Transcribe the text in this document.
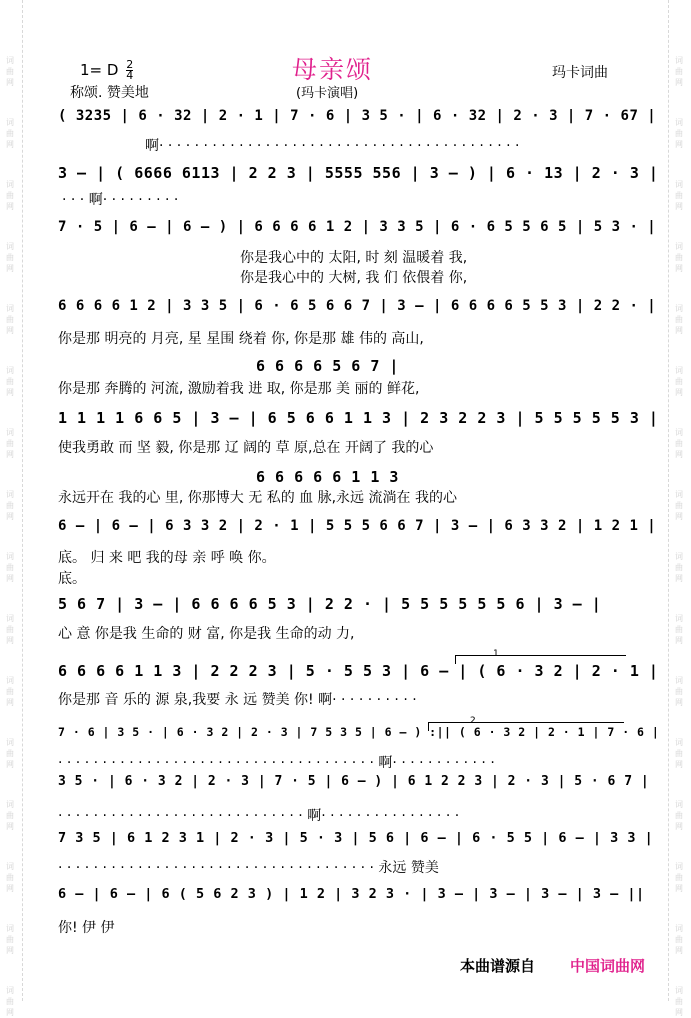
词曲网
词曲网
词曲网
词曲网
词曲网
词曲网
词曲网
词曲网
词曲网
词曲网
词曲网
词曲网
词曲网
词曲网
词曲网
词曲网
词曲网
词曲网
词曲网
词曲网
词曲网
词曲网
词曲网
词曲网
词曲网
词曲网
词曲网
词曲网
词曲网
词曲网
词曲网
词曲网
1= D $\frac{2}{4}$
称颂. 赞美地
母亲颂
(玛卡演唱)
玛卡词曲
( 3235 | 6 · 32 | 2 · 1 | 7 · 6 | 3 5 · | 6 · 32 | 2 · 3 | 7 · 67 |
啊· · · · · · · · · · · · · · · · · · · · · · · · · · · · · · · · · · · · · · · · ·
3 – | ( 6666 6113 | 2 2 3 | 5555 556 | 3 – ) | 6 · 13 | 2 · 3 |
· · · 啊· · · · · · · · ·
7 · 5 | 6 – | 6 – ) | 6 6 6 6 1 2 | 3 3 5 | 6 · 6 5 5 6 5 | 5 3 · |
你是我心中的 太阳, 时 刻 温暖着 我,
你是我心中的 大树, 我 们 依偎着 你,
6 6 6 6 1 2 | 3 3 5 | 6 · 6 5 6 6 7 | 3 – | 6 6 6 6 5 5 3 | 2 2 · |
你是那 明亮的 月亮, 星 星围 绕着 你, 你是那 雄 伟的 高山,
6 6 6 6 5 6 7 |
你是那 奔腾的 河流, 激励着我 进 取, 你是那 美 丽的 鲜花,
1 1 1 1 6 6 5 | 3 – | 6 5 6 6 1 1 3 | 2 3 2 2 3 | 5 5 5 5 5 3 |
使我勇敢 而 坚 毅, 你是那 辽 阔的 草 原,总在 开阔了 我的心
6 6 6 6 6 1 1 3
永远开在 我的心 里, 你那博大 无 私的 血 脉,永远 流淌在 我的心
6 – | 6 – | 6 3 3 2 | 2 · 1 | 5 5 5 6 6 7 | 3 – | 6 3 3 2 | 1 2 1 |
底。 归 来 吧 我的母 亲 呼 唤 你。
底。
5 6 7 | 3 – | 6 6 6 6 5 3 | 2 2 · | 5 5 5 5 5 5 6 | 3 – |
心 意 你是我 生命的 财 富, 你是我 生命的动 力,
6 6 6 6 1 1 3 | 2 2 2 3 | 5 · 5 5 3 | 6 – | ( 6 · 3 2 | 2 · 1 |
你是那 音 乐的 源 泉,我要 永 远 赞美 你! 啊· · · · · · · · · ·
7 · 6 | 3 5 · | 6 · 3 2 | 2 · 3 | 7 5 3 5 | 6 – ) :|| ( 6 · 3 2 | 2 · 1 | 7 · 6 |
· · · · · · · · · · · · · · · · · · · · · · · · · · · · · · · · · · · · 啊· · · · · · · · · · · ·
3 5 · | 6 · 3 2 | 2 · 3 | 7 · 5 | 6 – ) | 6 1 2 2 3 | 2 · 3 | 5 · 6 7 |
· · · · · · · · · · · · · · · · · · · · · · · · · · · · 啊· · · · · · · · · · · · · · · ·
7 3 5 | 6 1 2 3 1 | 2 · 3 | 5 · 3 | 5 6 | 6 – | 6 · 5 5 | 6 – | 3 3 |
· · · · · · · · · · · · · · · · · · · · · · · · · · · · · · · · · · · · 永远 赞美
6 – | 6 – | 6 ( 5 6 2 3 ) | 1 2 | 3 2 3 · | 3 – | 3 – | 3 – | 3 – ||
你! 伊 伊
1
2
本曲谱源自 中国词曲网
